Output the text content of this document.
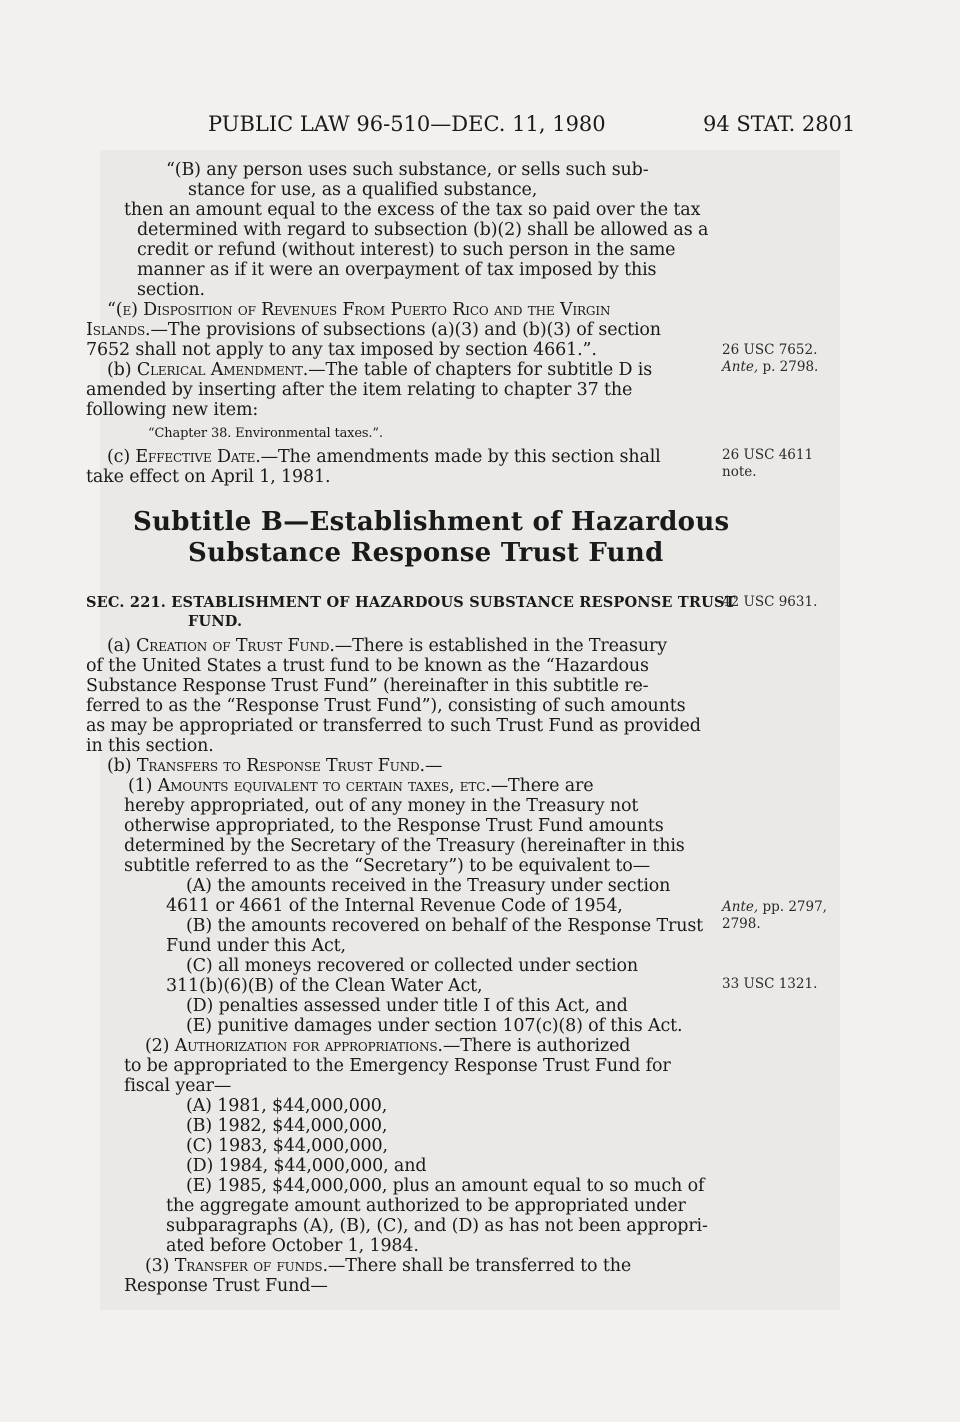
PUBLIC LAW 96-510—DEC. 11, 1980	94 STAT. 2801
“(B) any person uses such substance, or sells such sub-
stance for use, as a qualified substance,
then an amount equal to the excess of the tax so paid over the tax
determined with regard to subsection (b)(2) shall be allowed as a
credit or refund (without interest) to such person in the same
manner as if it were an overpayment of tax imposed by this
section.
“(e) Disposition of Revenues From Puerto Rico and the Virgin
Islands.—The provisions of subsections (a)(3) and (b)(3) of section
7652 shall not apply to any tax imposed by section 4661.”.
(b) Clerical Amendment.—The table of chapters for subtitle D is
amended by inserting after the item relating to chapter 37 the
following new item:
“Chapter 38. Environmental taxes.”.
(c) Effective Date.—The amendments made by this section shall
take effect on April 1, 1981.
Subtitle B—Establishment of Hazardous
Substance Response Trust Fund
SEC. 221. ESTABLISHMENT OF HAZARDOUS SUBSTANCE RESPONSE TRUST
FUND.
(a) Creation of Trust Fund.—There is established in the Treasury
of the United States a trust fund to be known as the “Hazardous
Substance Response Trust Fund” (hereinafter in this subtitle re-
ferred to as the “Response Trust Fund”), consisting of such amounts
as may be appropriated or transferred to such Trust Fund as provided
in this section.
(b) Transfers to Response Trust Fund.—
(1) Amounts equivalent to certain taxes, etc.—There are
hereby appropriated, out of any money in the Treasury not
otherwise appropriated, to the Response Trust Fund amounts
determined by the Secretary of the Treasury (hereinafter in this
subtitle referred to as the “Secretary”) to be equivalent to—
(A) the amounts received in the Treasury under section
4611 or 4661 of the Internal Revenue Code of 1954,
(B) the amounts recovered on behalf of the Response Trust
Fund under this Act,
(C) all moneys recovered or collected under section
311(b)(6)(B) of the Clean Water Act,
(D) penalties assessed under title I of this Act, and
(E) punitive damages under section 107(c)(8) of this Act.
(2) Authorization for appropriations.—There is authorized
to be appropriated to the Emergency Response Trust Fund for
fiscal year—
(A) 1981, $44,000,000,
(B) 1982, $44,000,000,
(C) 1983, $44,000,000,
(D) 1984, $44,000,000, and
(E) 1985, $44,000,000, plus an amount equal to so much of
the aggregate amount authorized to be appropriated under
subparagraphs (A), (B), (C), and (D) as has not been appropri-
ated before October 1, 1984.
(3) Transfer of funds.—There shall be transferred to the
Response Trust Fund—
26 USC 7652.
Ante, p. 2798.
26 USC 4611
note.
42 USC 9631.
Ante, pp. 2797,
2798.
33 USC 1321.
